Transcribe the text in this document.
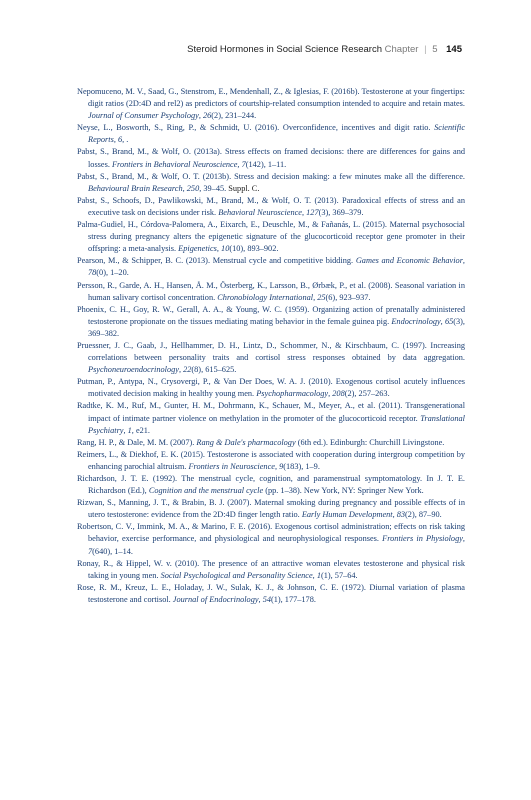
Steroid Hormones in Social Science Research Chapter | 5 145

Nepomuceno, M. V., Saad, G., Stenstrom, E., Mendenhall, Z., & Iglesias, F. (2016b). Testosterone at your fingertips: digit ratios (2D:4D and rel2) as predictors of courtship-related consumption intended to acquire and retain mates. Journal of Consumer Psychology, 26(2), 231–244.

Neyse, L., Bosworth, S., Ring, P., & Schmidt, U. (2016). Overconfidence, incentives and digit ratio. Scientific Reports, 6, .

Pabst, S., Brand, M., & Wolf, O. (2013a). Stress effects on framed decisions: there are differences for gains and losses. Frontiers in Behavioral Neuroscience, 7(142), 1–11.

Pabst, S., Brand, M., & Wolf, O. T. (2013b). Stress and decision making: a few minutes make all the difference. Behavioural Brain Research, 250, 39–45. Suppl. C.

Pabst, S., Schoofs, D., Pawlikowski, M., Brand, M., & Wolf, O. T. (2013). Paradoxical effects of stress and an executive task on decisions under risk. Behavioral Neuroscience, 127(3), 369–379.

Palma-Gudiel, H., Córdova-Palomera, A., Eixarch, E., Deuschle, M., & Fañanás, L. (2015). Maternal psychosocial stress during pregnancy alters the epigenetic signature of the glucocorticoid receptor gene promoter in their offspring: a meta-analysis. Epigenetics, 10(10), 893–902.

Pearson, M., & Schipper, B. C. (2013). Menstrual cycle and competitive bidding. Games and Economic Behavior, 78(0), 1–20.

Persson, R., Garde, A. H., Hansen, Å. M., Österberg, K., Larsson, B., Ørbæk, P., et al. (2008). Seasonal variation in human salivary cortisol concentration. Chronobiology International, 25(6), 923–937.

Phoenix, C. H., Goy, R. W., Gerall, A. A., & Young, W. C. (1959). Organizing action of prenatally administered testosterone propionate on the tissues mediating mating behavior in the female guinea pig. Endocrinology, 65(3), 369–382.

Pruessner, J. C., Gaab, J., Hellhammer, D. H., Lintz, D., Schommer, N., & Kirschbaum, C. (1997). Increasing correlations between personality traits and cortisol stress responses obtained by data aggregation. Psychoneuroendocrinology, 22(8), 615–625.

Putman, P., Antypa, N., Crysovergi, P., & Van Der Does, W. A. J. (2010). Exogenous cortisol acutely influences motivated decision making in healthy young men. Psychopharmacology, 208(2), 257–263.

Radtke, K. M., Ruf, M., Gunter, H. M., Dohrmann, K., Schauer, M., Meyer, A., et al. (2011). Transgenerational impact of intimate partner violence on methylation in the promoter of the glucocorticoid receptor. Translational Psychiatry, 1, e21.

Rang, H. P., & Dale, M. M. (2007). Rang & Dale's pharmacology (6th ed.). Edinburgh: Churchill Livingstone.

Reimers, L., & Diekhof, E. K. (2015). Testosterone is associated with cooperation during intergroup competition by enhancing parochial altruism. Frontiers in Neuroscience, 9(183), 1–9.

Richardson, J. T. E. (1992). The menstrual cycle, cognition, and paramenstrual symptomatology. In J. T. E. Richardson (Ed.), Cognition and the menstrual cycle (pp. 1–38). New York, NY: Springer New York.

Rizwan, S., Manning, J. T., & Brabin, B. J. (2007). Maternal smoking during pregnancy and possible effects of in utero testosterone: evidence from the 2D:4D finger length ratio. Early Human Development, 83(2), 87–90.

Robertson, C. V., Immink, M. A., & Marino, F. E. (2016). Exogenous cortisol administration; effects on risk taking behavior, exercise performance, and physiological and neurophysiological responses. Frontiers in Physiology, 7(640), 1–14.

Ronay, R., & Hippel, W. v. (2010). The presence of an attractive woman elevates testosterone and physical risk taking in young men. Social Psychological and Personality Science, 1(1), 57–64.

Rose, R. M., Kreuz, L. E., Holaday, J. W., Sulak, K. J., & Johnson, C. E. (1972). Diurnal variation of plasma testosterone and cortisol. Journal of Endocrinology, 54(1), 177–178.
